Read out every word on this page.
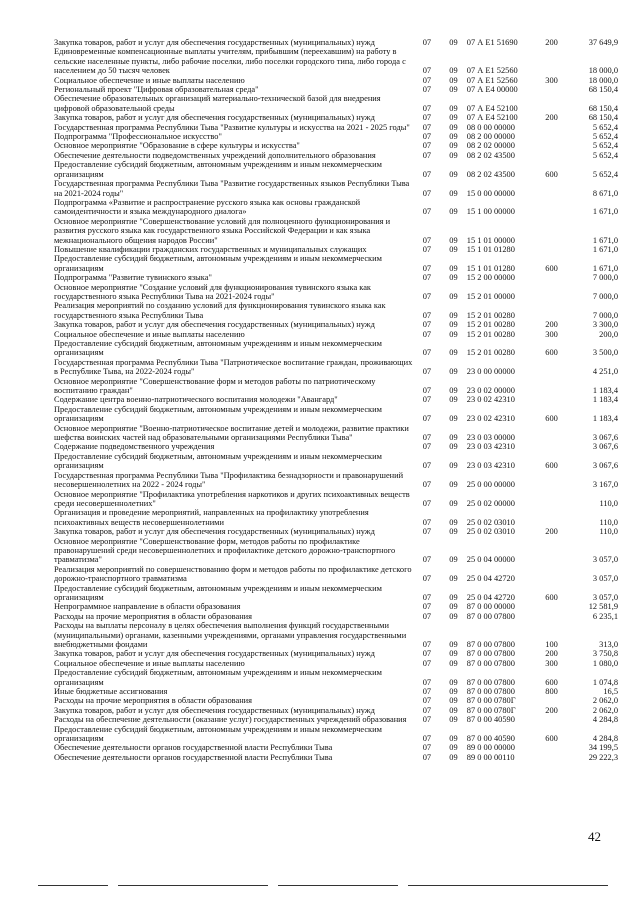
Закупка товаров, работ и услуг для обеспечения государственных (муниципальных) нужд	07	09	07 А Е1 51690	200	37 649,9
Единовременные компенсационные выплаты учителям, прибывшим (переехавшим) на работу в сельские населенные пункты, либо рабочие поселки, либо поселки городского типа, либо города с населением до 50 тысяч человек	07	09	07 А Е1 52560		18 000,0
Социальное обеспечение и иные выплаты населению	07	09	07 А Е1 52560	300	18 000,0
Региональный проект "Цифровая образовательная среда"	07	09	07 А Е4 00000		68 150,4
Обеспечение образовательных организаций материально-технической базой для внедрения цифровой образовательной среды	07	09	07 А Е4 52100		68 150,4
Закупка товаров, работ и услуг для обеспечения государственных (муниципальных) нужд	07	09	07 А Е4 52100	200	68 150,4
Государственная программа Республики Тыва "Развитие культуры и искусства на 2021 - 2025 годы"	07	09	08 0 00 00000		5 652,4
Подпрограмма "Профессиональное искусство"	07	09	08 2 00 00000		5 652,4
Основное мероприятие "Образование в сфере культуры и искусства"	07	09	08 2 02 00000		5 652,4
Обеспечение деятельности подведомственных учреждений дополнительного образования	07	09	08 2 02 43500		5 652,4
Предоставление субсидий бюджетным, автономным учреждениям и иным некоммерческим организациям	07	09	08 2 02 43500	600	5 652,4
Государственная программа Республики Тыва "Развитие государственных языков Республики Тыва на 2021-2024 годы"	07	09	15 0 00 00000		8 671,0
Подпрограмма «Развитие и распространение русского языка как основы гражданской самоидентичности и языка международного диалога»	07	09	15 1 00 00000		1 671,0
Основное мероприятие "Совершенствование условий для полноценного функционирования и развития русского языка как государственного языка Российской Федерации и как языка межнационального общения народов России"	07	09	15 1 01 00000		1 671,0
Повышение квалификации гражданских государственных и муниципальных служащих	07	09	15 1 01 01280		1 671,0
Предоставление субсидий бюджетным, автономным учреждениям и иным некоммерческим организациям	07	09	15 1 01 01280	600	1 671,0
Подпрограмма "Развитие тувинского языка"	07	09	15 2 00 00000		7 000,0
Основное мероприятие "Создание условий для функционирования тувинского языка как государственного языка Республики Тыва на 2021-2024 годы"	07	09	15 2 01 00000		7 000,0
Реализация мероприятий по созданию условий для функционирования тувинского языка как государственного языка Республики Тыва	07	09	15 2 01 00280		7 000,0
Закупка товаров, работ и услуг для обеспечения государственных (муниципальных) нужд	07	09	15 2 01 00280	200	3 300,0
Социальное обеспечение и иные выплаты населению	07	09	15 2 01 00280	300	200,0
Предоставление субсидий бюджетным, автономным учреждениям и иным некоммерческим организациям	07	09	15 2 01 00280	600	3 500,0
Государственная программа Республики Тыва "Патриотическое воспитание граждан, проживающих в Республике Тыва, на 2022-2024 годы"	07	09	23 0 00 00000		4 251,0
Основное мероприятие "Совершенствование форм и методов работы по патриотическому воспитанию граждан"	07	09	23 0 02 00000		1 183,4
Содержание центра военно-патриотического воспитания молодежи "Авангард"	07	09	23 0 02 42310		1 183,4
Предоставление субсидий бюджетным, автономным учреждениям и иным некоммерческим организациям	07	09	23 0 02 42310	600	1 183,4
Основное мероприятие "Военно-патриотическое воспитание детей и молодежи, развитие практики шефства воинских частей над образовательными организациями Республики Тыва"	07	09	23 0 03 00000		3 067,6
Содержание подведомственного учреждения	07	09	23 0 03 42310		3 067,6
Предоставление субсидий бюджетным, автономным учреждениям и иным некоммерческим организациям	07	09	23 0 03 42310	600	3 067,6
Государственная программа Республики Тыва "Профилактика безнадзорности и правонарушений несовершеннолетних на 2022 - 2024 годы"	07	09	25 0 00 00000		3 167,0
Основное мероприятие "Профилактика употребления наркотиков и других психоактивных веществ среди несовершеннолетних"	07	09	25 0 02 00000		110,0
Организация и проведение мероприятий, направленных на профилактику употребления психоактивных веществ несовершеннолетними	07	09	25 0 02 03010		110,0
Закупка товаров, работ и услуг для обеспечения государственных (муниципальных) нужд	07	09	25 0 02 03010	200	110,0
Основное мероприятие "Совершенствование форм, методов работы по профилактике правонарушений среди несовершеннолетних и профилактике детского дорожно-транспортного травматизма"	07	09	25 0 04 00000		3 057,0
Реализация мероприятий по совершенствованию форм и методов работы по профилактике детского дорожно-транспортного травматизма	07	09	25 0 04 42720		3 057,0
Предоставление субсидий бюджетным, автономным учреждениям и иным некоммерческим организациям	07	09	25 0 04 42720	600	3 057,0
Непрограммное направление в области образования	07	09	87 0 00 00000		12 581,9
Расходы на прочие мероприятия в области образования	07	09	87 0 00 07800		6 235,1
Расходы на выплаты персоналу в целях обеспечения выполнения функций государственными (муниципальными) органами, казенными учреждениями, органами управления государственными внебюджетными фондами	07	09	87 0 00 07800	100	313,0
Закупка товаров, работ и услуг для обеспечения государственных (муниципальных) нужд	07	09	87 0 00 07800	200	3 750,8
Социальное обеспечение и иные выплаты населению	07	09	87 0 00 07800	300	1 080,0
Предоставление субсидий бюджетным, автономным учреждениям и иным некоммерческим организациям	07	09	87 0 00 07800	600	1 074,8
Иные бюджетные ассигнования	07	09	87 0 00 07800	800	16,5
Расходы на прочие мероприятия в области образования	07	09	87 0 00 0780Г		2 062,0
Закупка товаров, работ и услуг для обеспечения государственных (муниципальных) нужд	07	09	87 0 00 0780Г	200	2 062,0
Расходы на обеспечение деятельности (оказание услуг) государственных учреждений образования	07	09	87 0 00 40590		4 284,8
Предоставление субсидий бюджетным, автономным учреждениям и иным некоммерческим организациям	07	09	87 0 00 40590	600	4 284,8
Обеспечение деятельности органов государственной власти Республики Тыва	07	09	89 0 00 00000		34 199,5
Обеспечение деятельности органов государственной власти Республики Тыва	07	09	89 0 00 00110		29 222,3
42
